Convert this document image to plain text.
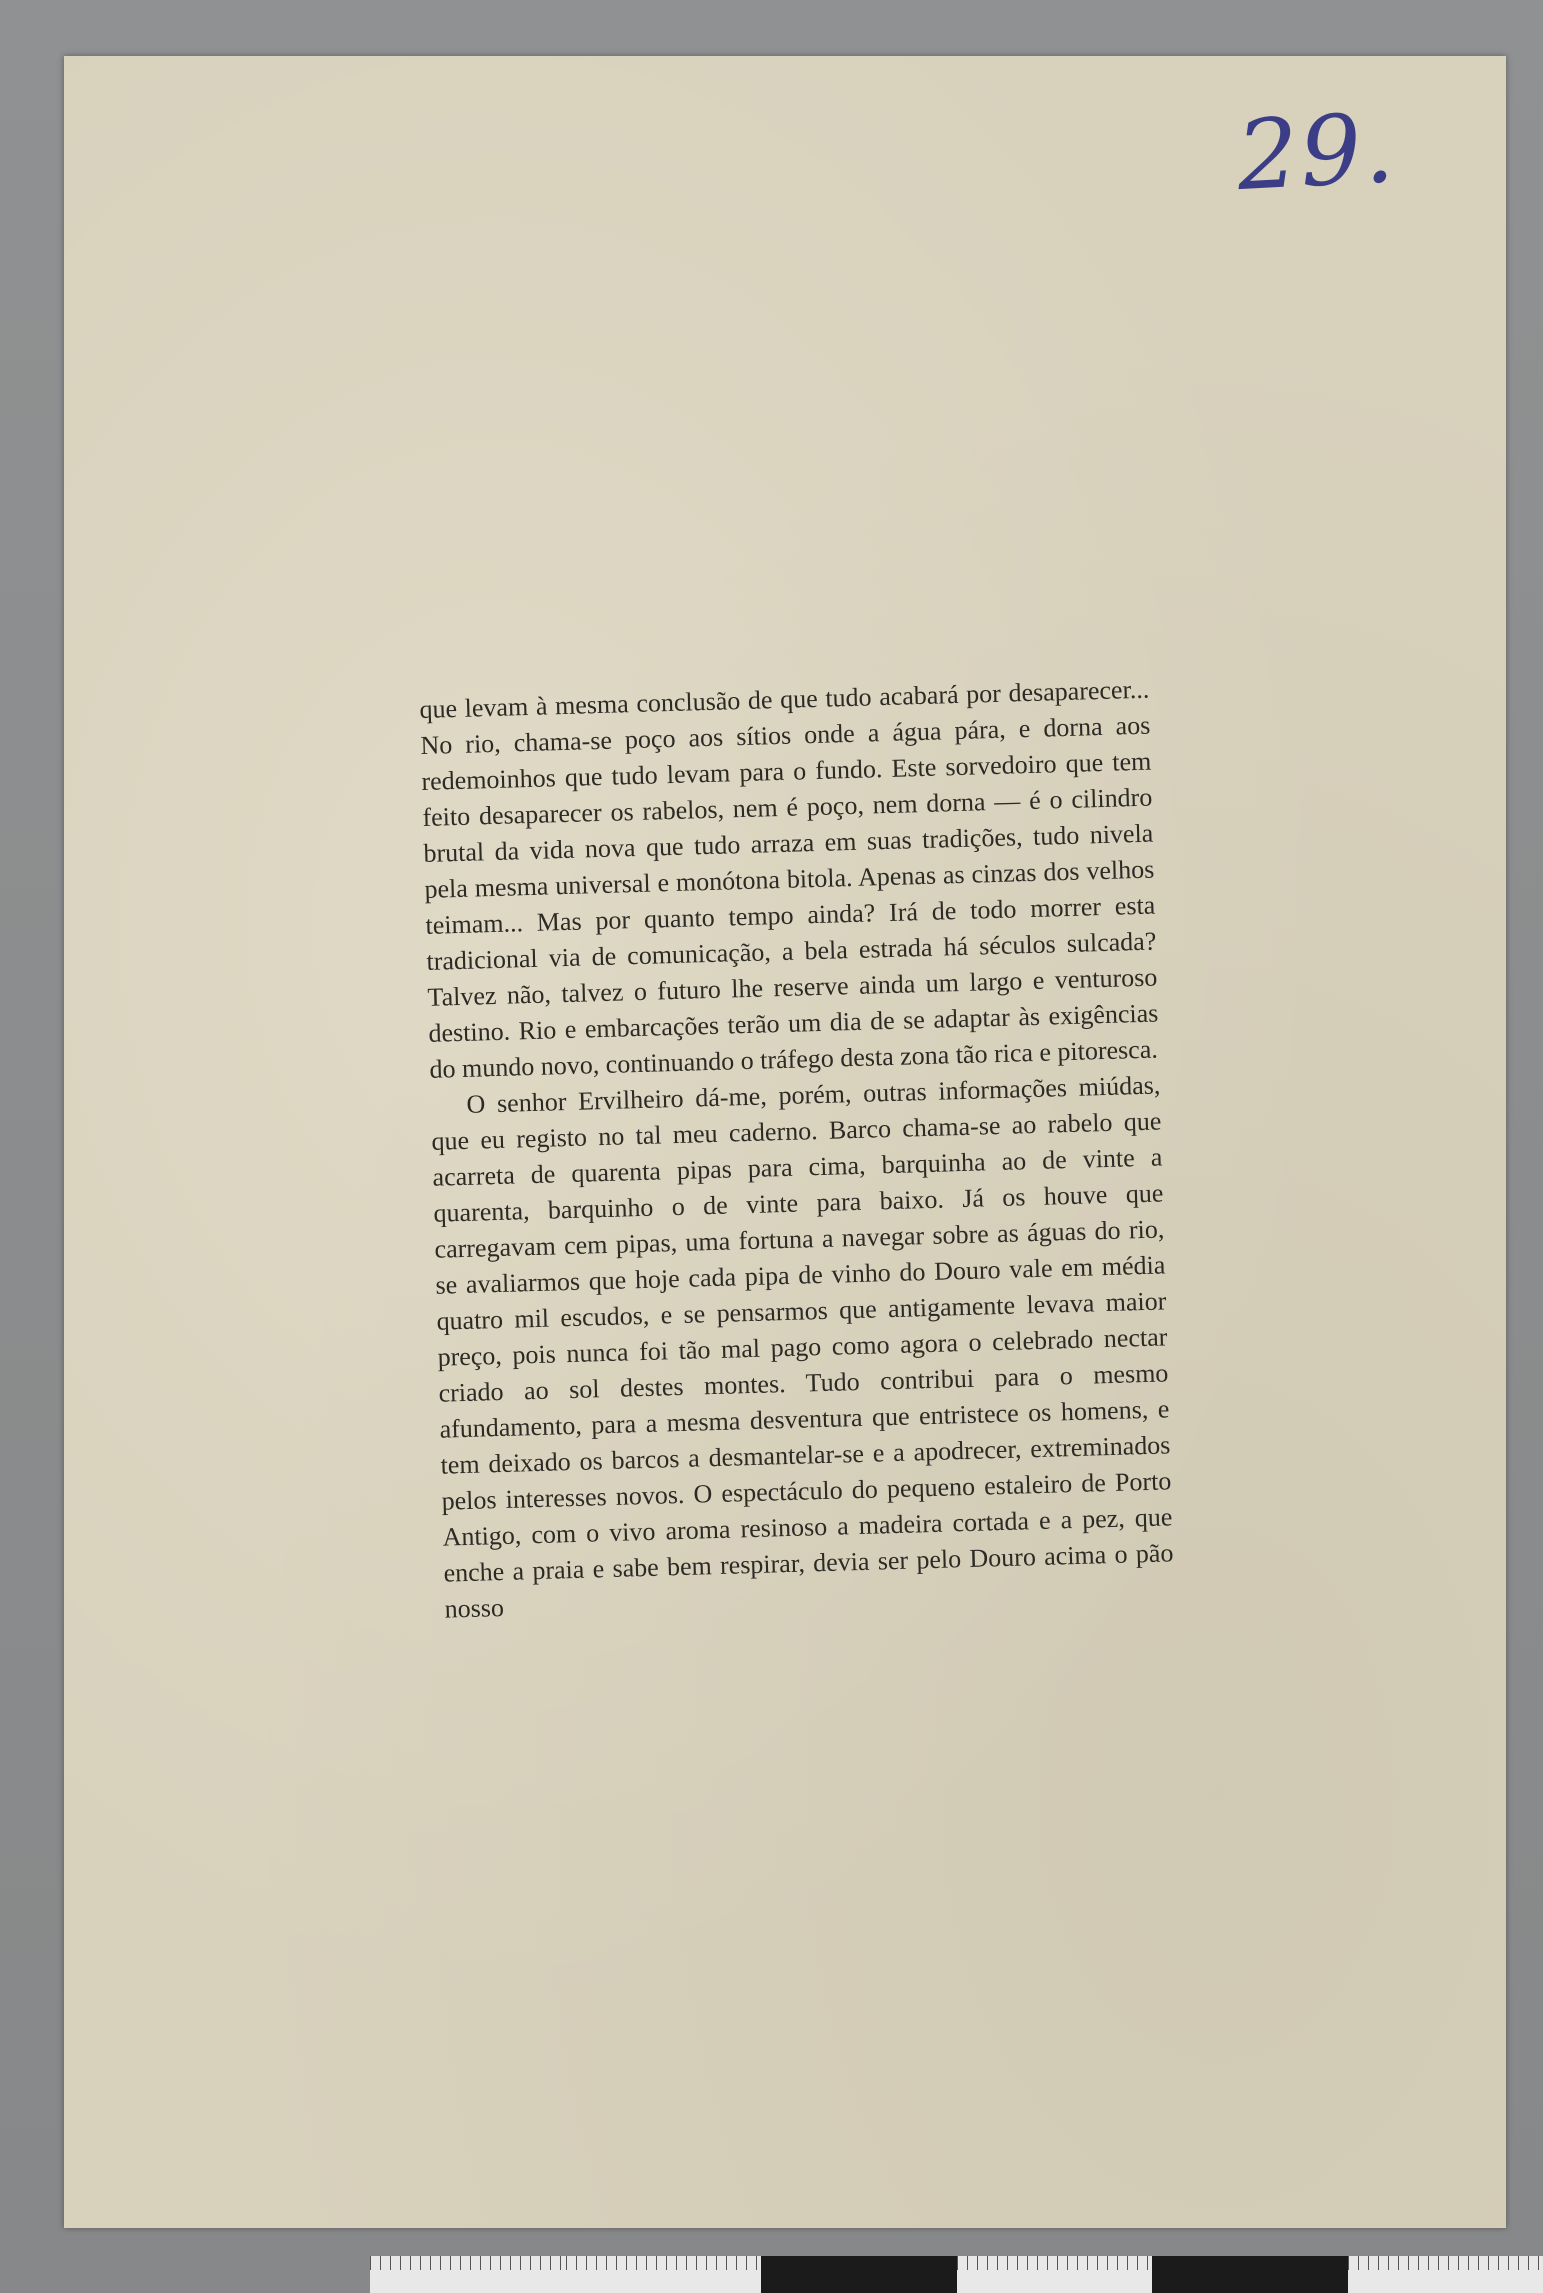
29.

que levam à mesma conclusão de que tudo acabará por desaparecer... No rio, chama-se poço aos sítios onde a água pára, e dorna aos redemoinhos que tudo levam para o fundo. Este sorvedoiro que tem feito desaparecer os rabelos, nem é poço, nem dorna — é o cilindro brutal da vida nova que tudo arraza em suas tradições, tudo nivela pela mesma universal e monótona bitola. Apenas as cinzas dos velhos teimam... Mas por quanto tempo ainda? Irá de todo morrer esta tradicional via de comunicação, a bela estrada há séculos sulcada? Talvez não, talvez o futuro lhe reserve ainda um largo e venturoso destino. Rio e embarcações terão um dia de se adaptar às exigências do mundo novo, continuando o tráfego desta zona tão rica e pitoresca.

O senhor Ervilheiro dá-me, porém, outras informações miúdas, que eu registo no tal meu caderno. Barco chama-se ao rabelo que acarreta de quarenta pipas para cima, barquinha ao de vinte a quarenta, barquinho o de vinte para baixo. Já os houve que carregavam cem pipas, uma fortuna a navegar sobre as águas do rio, se avaliarmos que hoje cada pipa de vinho do Douro vale em média quatro mil escudos, e se pensarmos que antigamente levava maior preço, pois nunca foi tão mal pago como agora o celebrado nectar criado ao sol destes montes. Tudo contribui para o mesmo afundamento, para a mesma desventura que entristece os homens, e tem deixado os barcos a desmantelar-se e a apodrecer, extreminados pelos interesses novos. O espectáculo do pequeno estaleiro de Porto Antigo, com o vivo aroma resinoso a madeira cortada e a pez, que enche a praia e sabe bem respirar, devia ser pelo Douro acima o pão nosso
